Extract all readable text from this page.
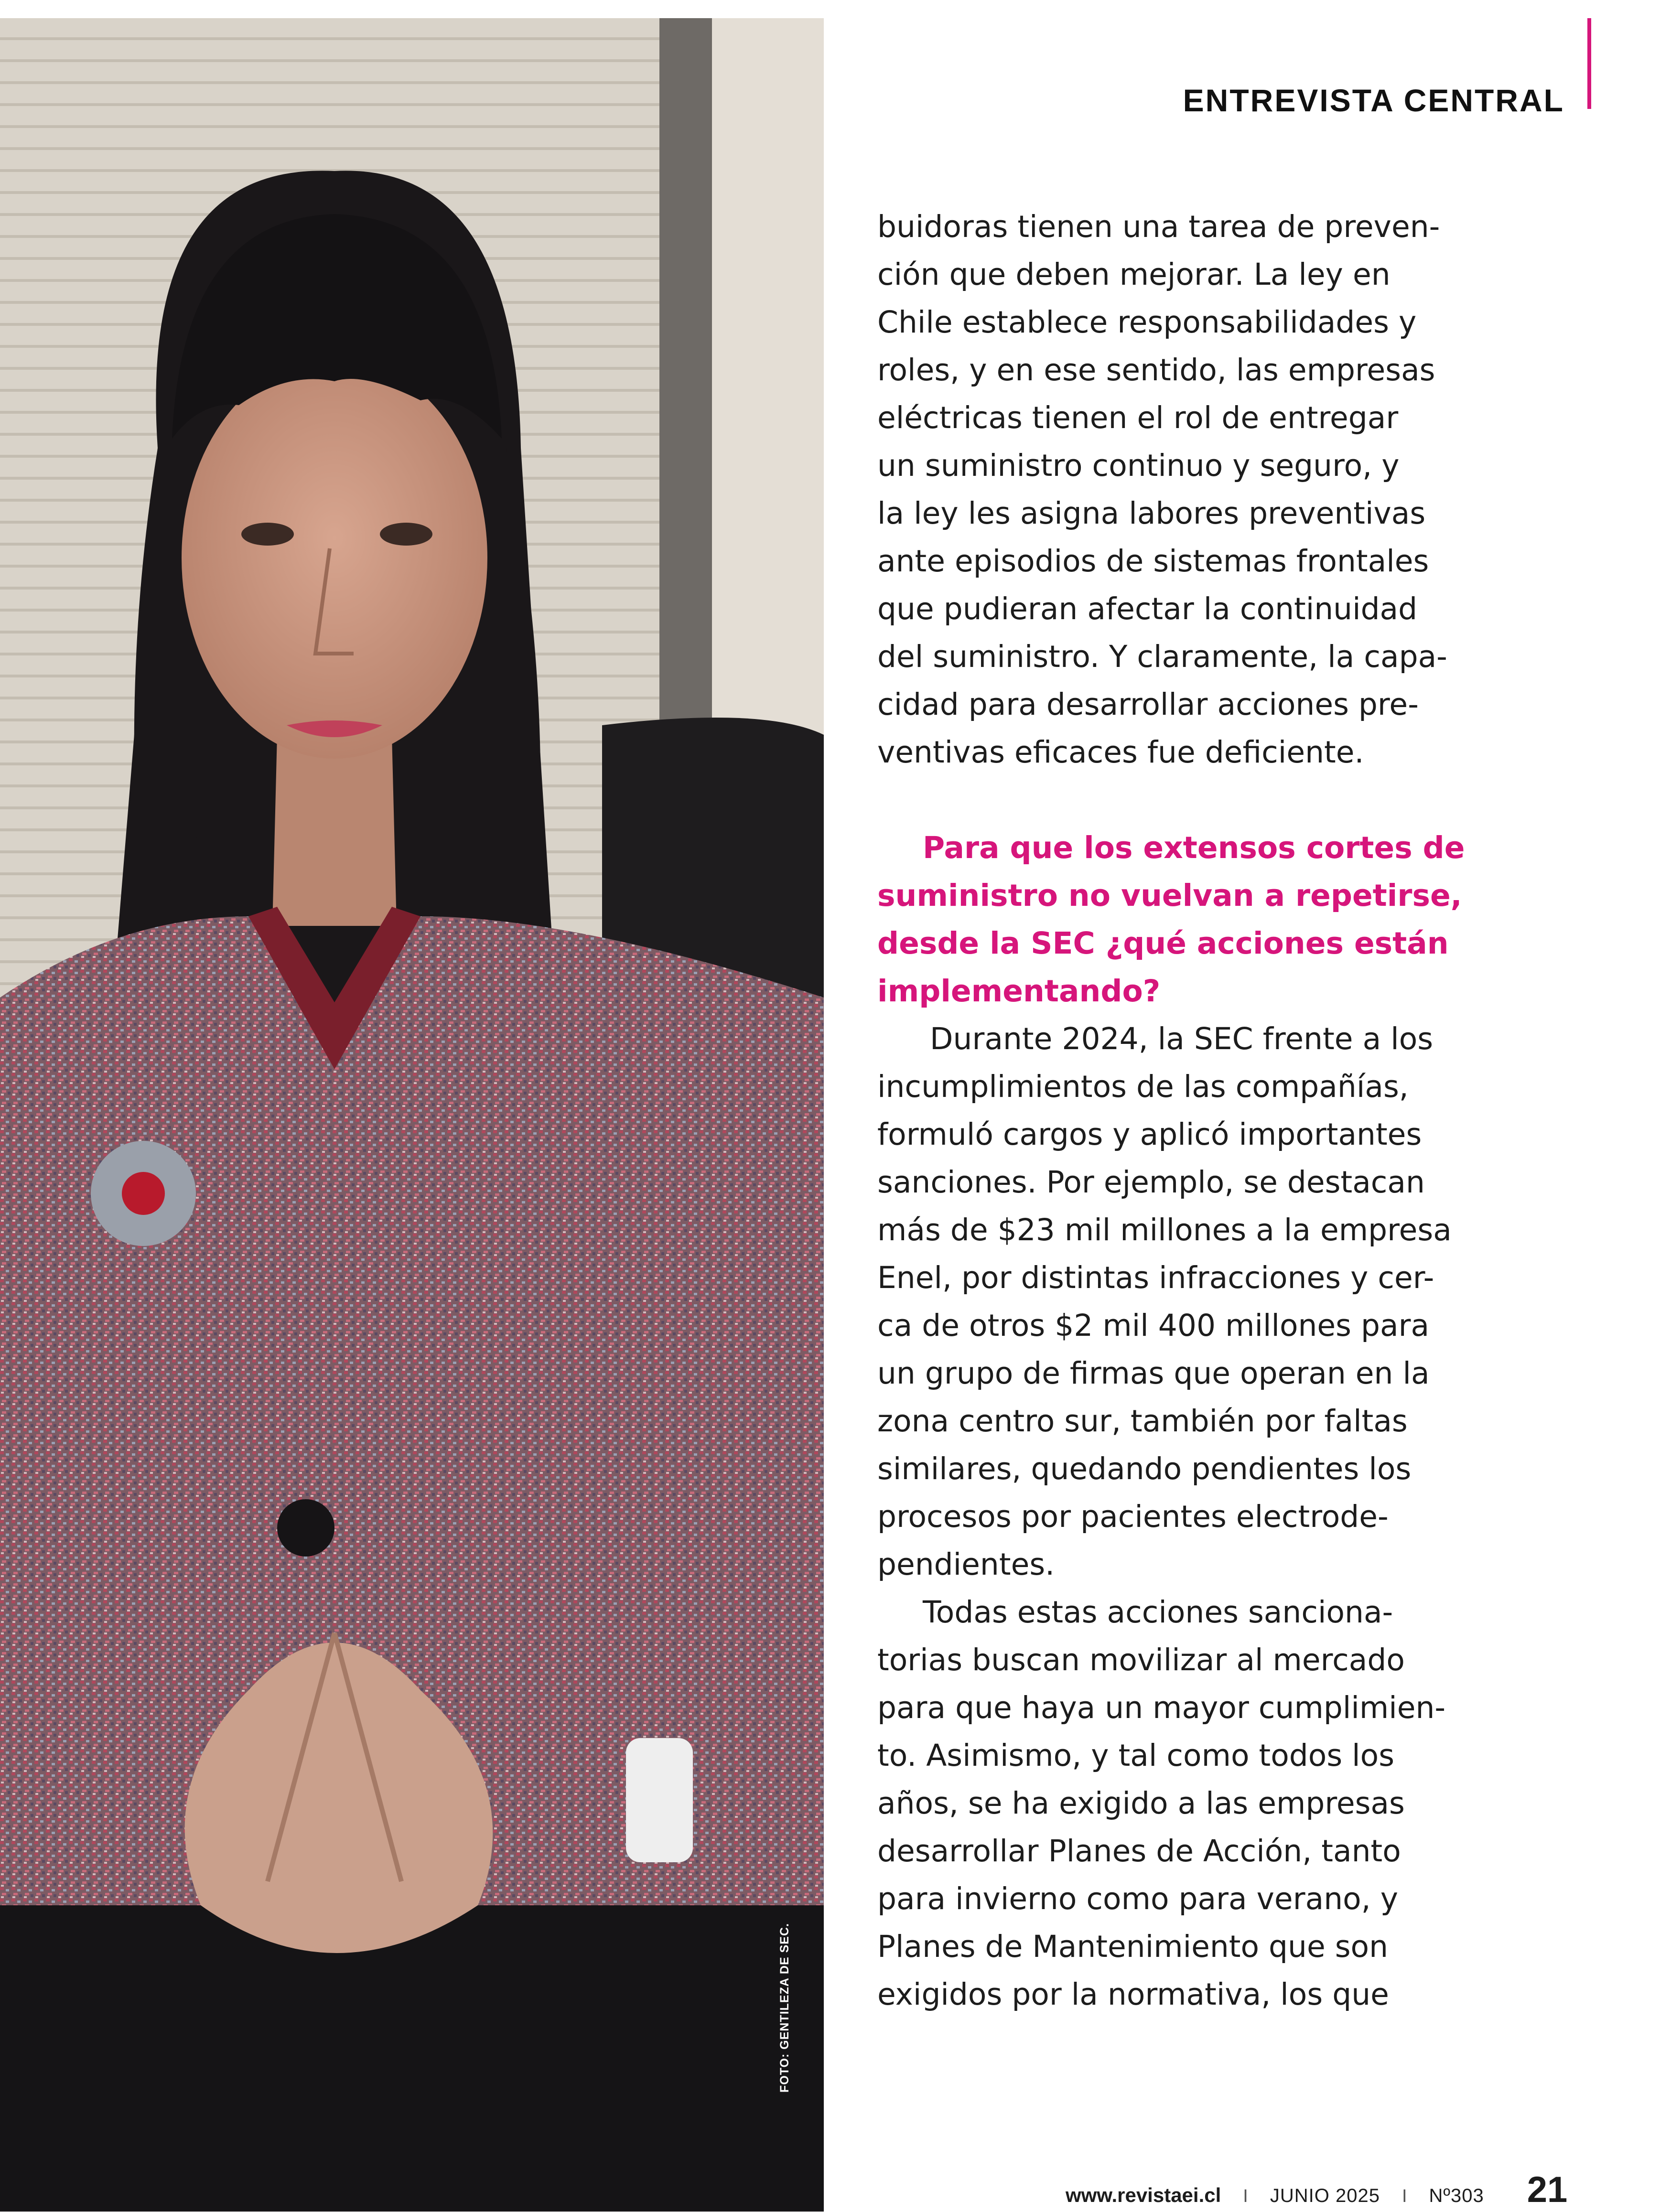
FOTO: GENTILEZA DE SEC.
ENTREVISTA CENTRAL
buidoras tienen una tarea de preven-
ción que deben mejorar. La ley en
Chile establece responsabilidades y
roles, y en ese sentido, las empresas
eléctricas tienen el rol de entregar
un suministro continuo y seguro, y
la ley les asigna labores preventivas
ante episodios de sistemas frontales
que pudieran afectar la continuidad
del suministro. Y claramente, la capa-
cidad para desarrollar acciones pre-
ventivas eficaces fue deficiente.
Para que los extensos cortes de
suministro no vuelvan a repetirse,
desde la SEC ¿qué acciones están
implementando?
Durante 2024, la SEC frente a los
incumplimientos de las compañías,
formuló cargos y aplicó importantes
sanciones. Por ejemplo, se destacan
más de $23 mil millones a la empresa
Enel, por distintas infracciones y cer-
ca de otros $2 mil 400 millones para
un grupo de firmas que operan en la
zona centro sur, también por faltas
similares, quedando pendientes los
procesos por pacientes electrode-
pendientes.
Todas estas acciones sanciona-
torias buscan movilizar al mercado
para que haya un mayor cumplimien-
to. Asimismo, y tal como todos los
años, se ha exigido a las empresas
desarrollar Planes de Acción, tanto
para invierno como para verano, y
Planes de Mantenimiento que son
exigidos por la normativa, los que
www.revistaei.cl I JUNIO 2025 I Nº303 21
